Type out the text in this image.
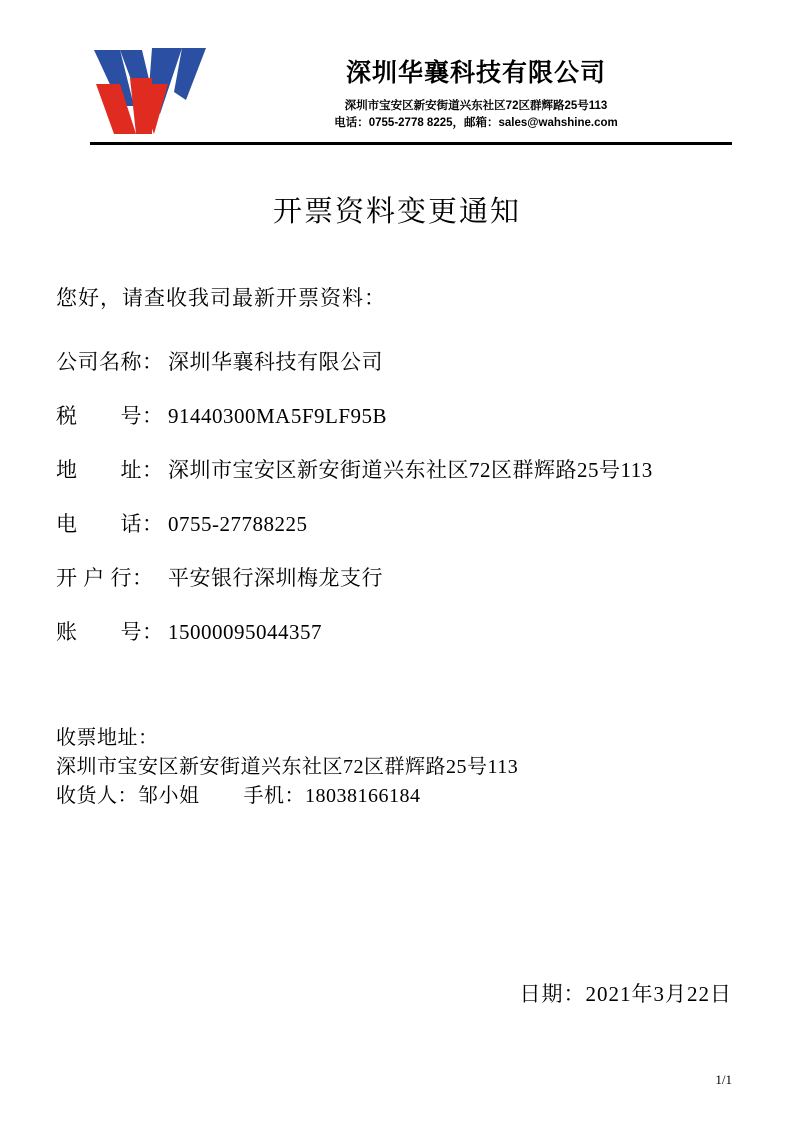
深圳华襄科技有限公司
深圳市宝安区新安街道兴东社区72区群辉路25号113
电话：0755-2778 8225，邮箱：sales@wahshine.com
开票资料变更通知
您好，请查收我司最新开票资料：
公司名称： 深圳华襄科技有限公司
税　　号： 91440300MA5F9LF95B
地　　址： 深圳市宝安区新安街道兴东社区72区群辉路25号113
电　　话： 0755-27788225
开 户 行： 平安银行深圳梅龙支行
账　　号： 15000095044357
收票地址：
深圳市宝安区新安街道兴东社区72区群辉路25号113
收货人：邹小姐 手机：18038166184
日期：2021年3月22日
1/1
